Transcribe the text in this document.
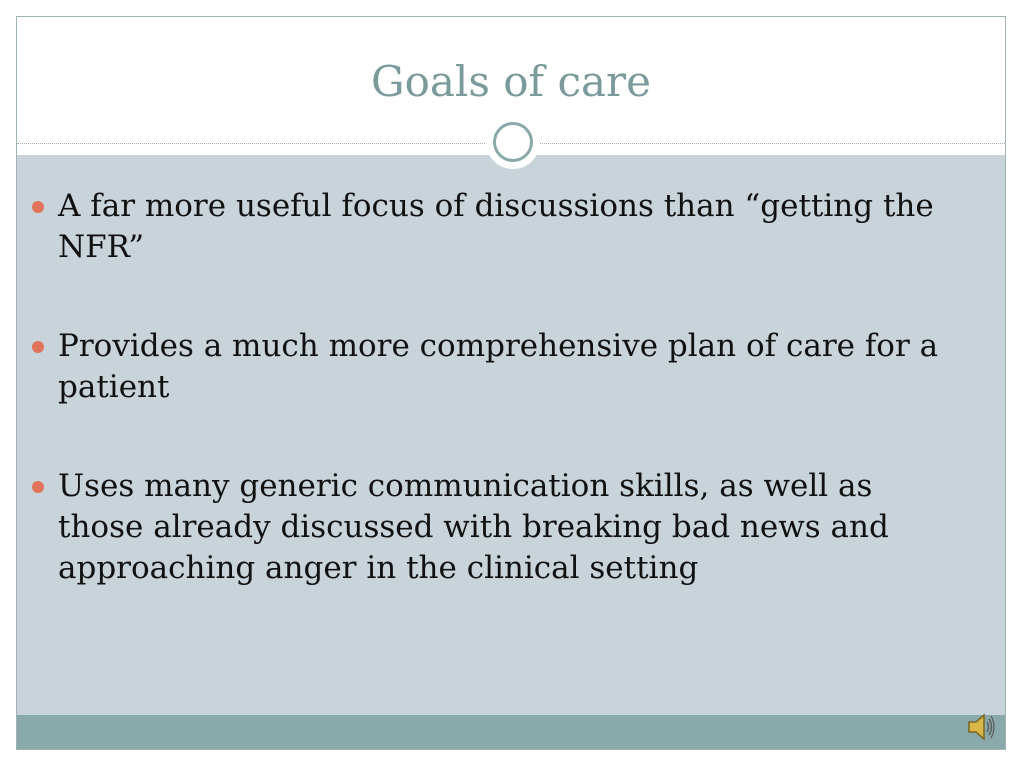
Goals of care
A far more useful focus of discussions than “getting the NFR”
Provides a much more comprehensive plan of care for a patient
Uses many generic communication skills, as well as those already discussed with breaking bad news and approaching anger in the clinical setting
